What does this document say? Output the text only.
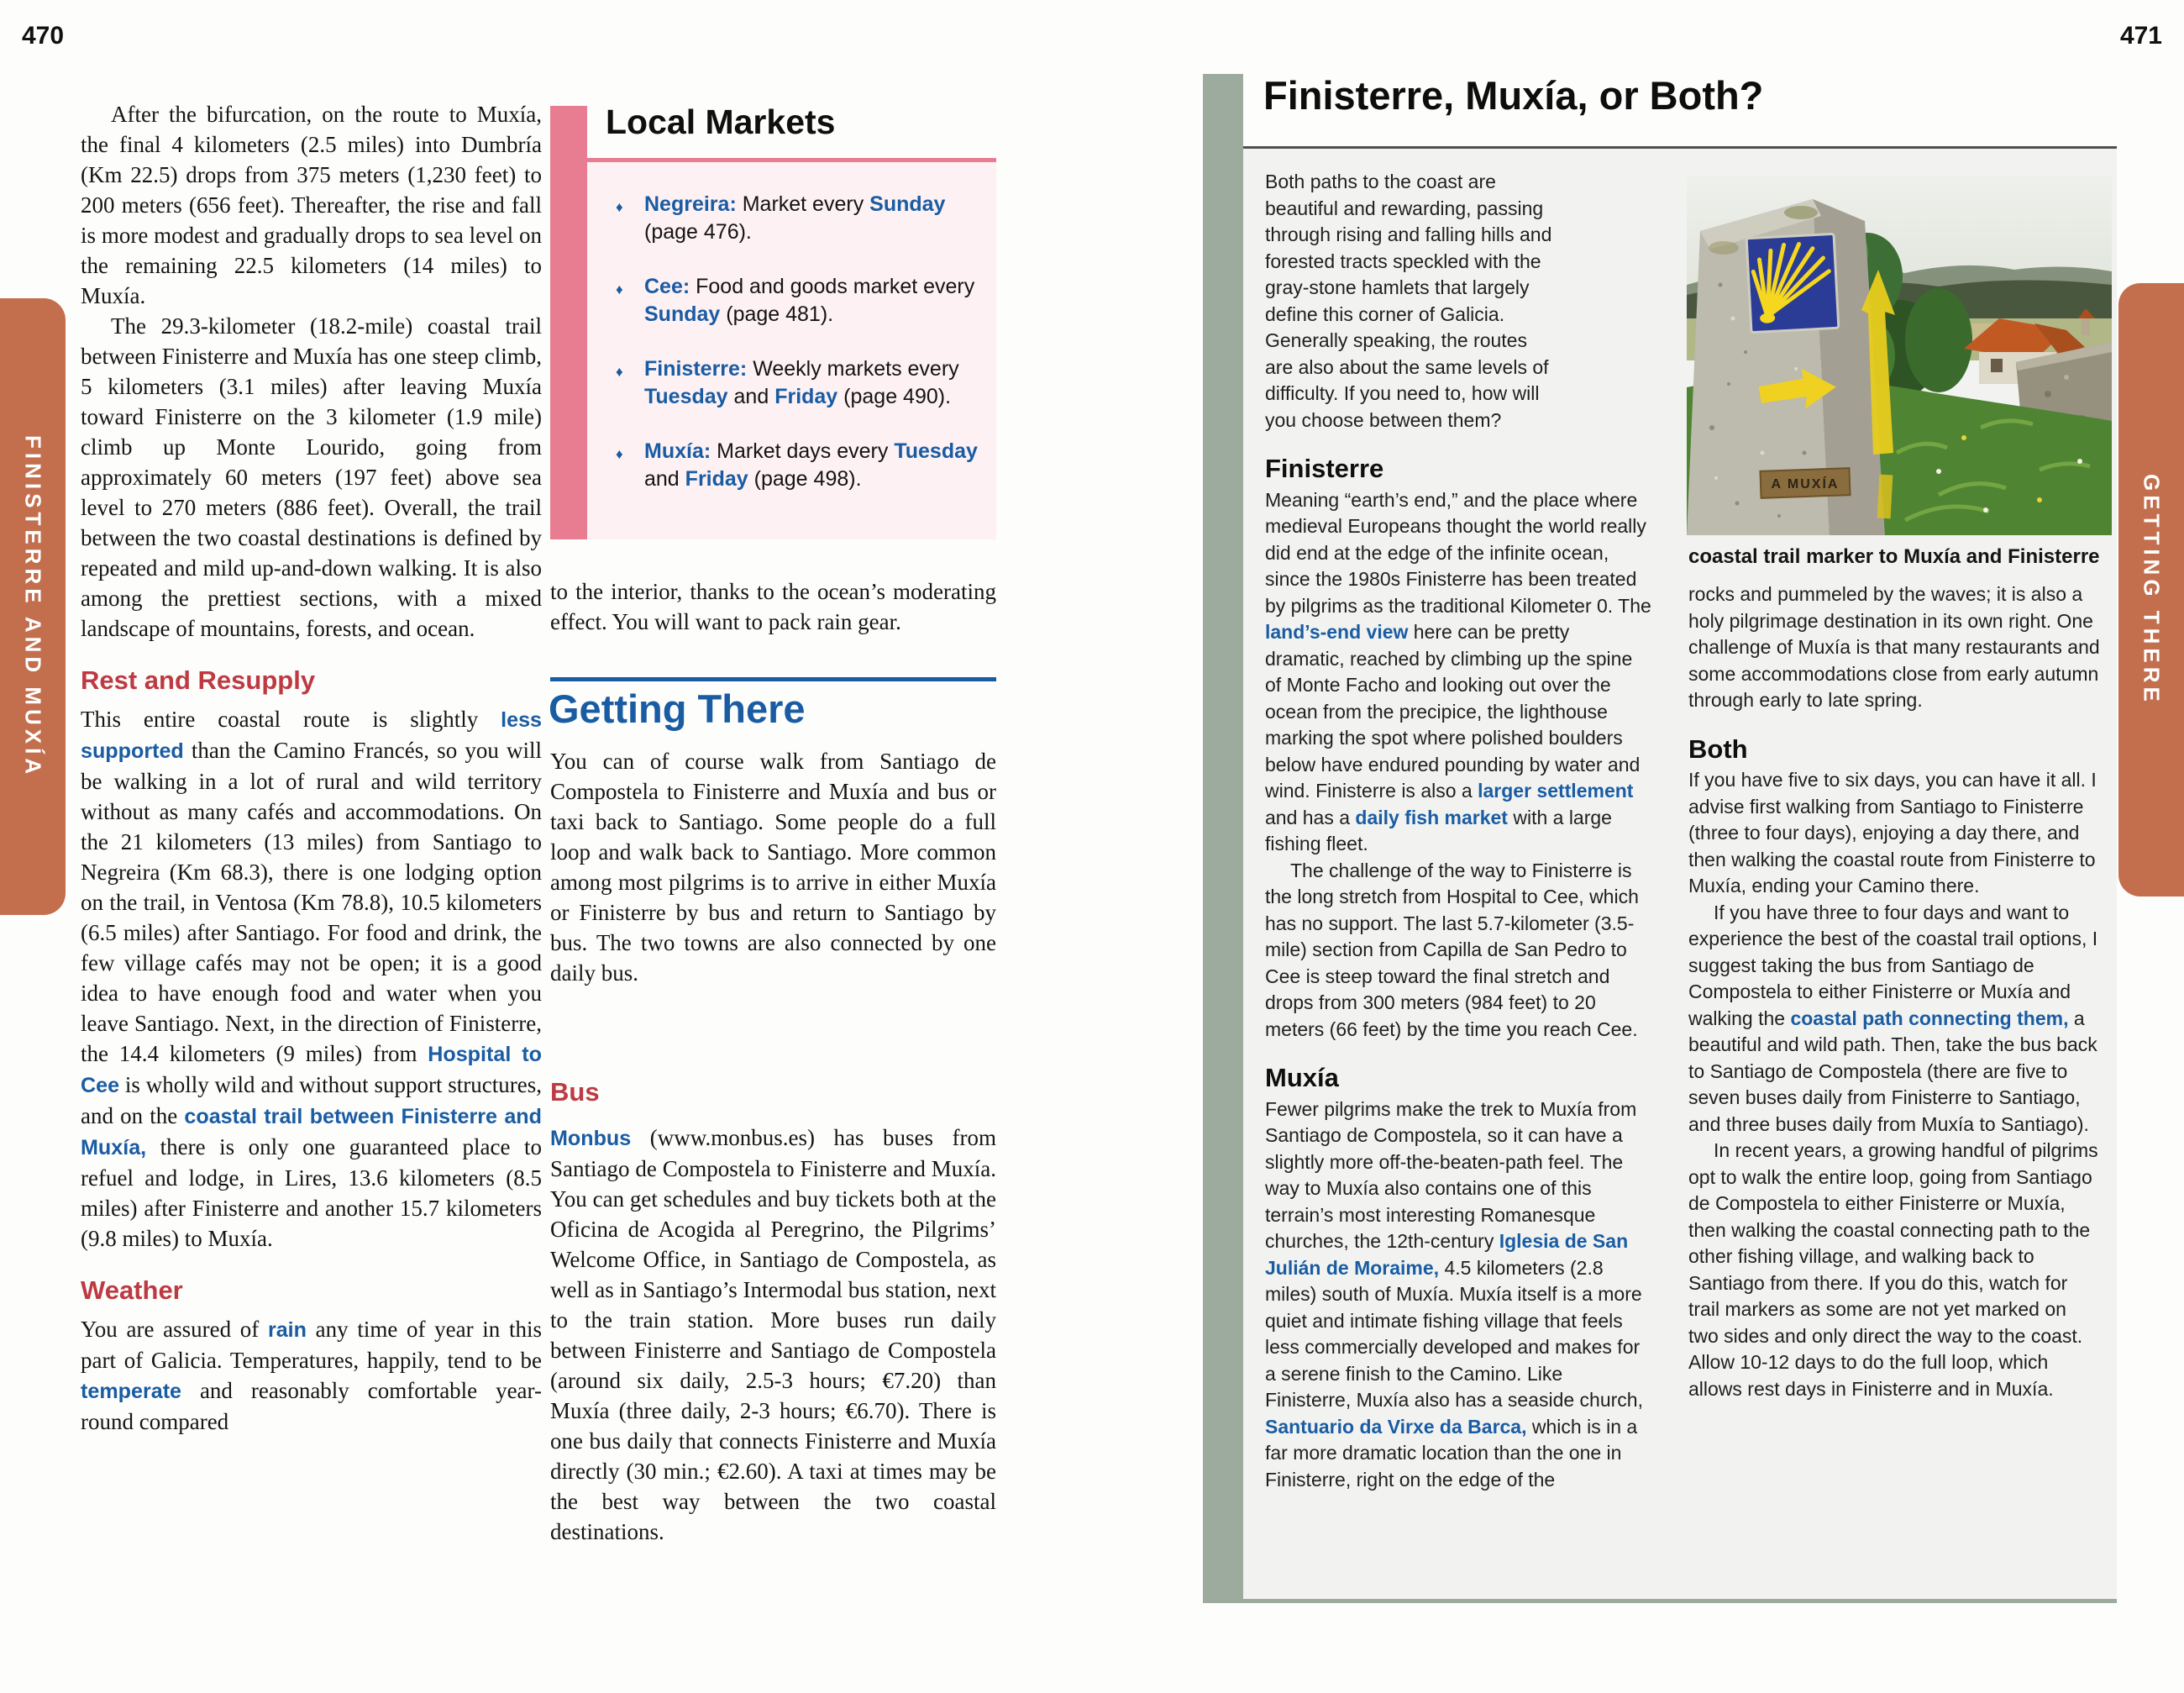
470	471
FINISTERRE AND MUXÍA	GETTING THERE

After the bifurcation, on the route to Muxía, the final 4 kilometers (2.5 miles) into Dumbría (Km 22.5) drops from 375 meters (1,230 feet) to 200 meters (656 feet). Thereafter, the rise and fall is more modest and gradually drops to sea level on the remaining 22.5 kilometers (14 miles) to Muxía.

The 29.3-kilometer (18.2-mile) coastal trail between Finisterre and Muxía has one steep climb, 5 kilometers (3.1 miles) after leaving Muxía toward Finisterre on the 3 kilometer (1.9 mile) climb up Monte Lourido, going from approximately 60 meters (197 feet) above sea level to 270 meters (886 feet). Overall, the trail between the two coastal destinations is defined by repeated and mild up-and-down walking. It is also among the prettiest sections, with a mixed landscape of mountains, forests, and ocean.

Rest and Resupply

This entire coastal route is slightly less supported than the Camino Francés, so you will be walking in a lot of rural and wild territory without as many cafés and accommodations. On the 21 kilometers (13 miles) from Santiago to Negreira (Km 68.3), there is one lodging option on the trail, in Ventosa (Km 78.8), 10.5 kilometers (6.5 miles) after Santiago. For food and drink, the few village cafés may not be open; it is a good idea to have enough food and water when you leave Santiago. Next, in the direction of Finisterre, the 14.4 kilometers (9 miles) from Hospital to Cee is wholly wild and without support structures, and on the coastal trail between Finisterre and Muxía, there is only one guaranteed place to refuel and lodge, in Lires, 13.6 kilometers (8.5 miles) after Finisterre and another 15.7 kilometers (9.8 miles) to Muxía.

Weather

You are assured of rain any time of year in this part of Galicia. Temperatures, happily, tend to be temperate and reasonably comfortable year-round compared

Local Markets
♦ Negreira: Market every Sunday (page 476).
♦ Cee: Food and goods market every Sunday (page 481).
♦ Finisterre: Weekly markets every Tuesday and Friday (page 490).
♦ Muxía: Market days every Tuesday and Friday (page 498).

to the interior, thanks to the ocean’s moderating effect. You will want to pack rain gear.

Getting There

You can of course walk from Santiago de Compostela to Finisterre and Muxía and bus or taxi back to Santiago. Some people do a full loop and walk back to Santiago. More common among most pilgrims is to arrive in either Muxía or Finisterre by bus and return to Santiago by bus. The two towns are also connected by one daily bus.

Bus

Monbus (www.monbus.es) has buses from Santiago de Compostela to Finisterre and Muxía. You can get schedules and buy tickets both at the Oficina de Acogida al Peregrino, the Pilgrims’ Welcome Office, in Santiago de Compostela, as well as in Santiago’s Intermodal bus station, next to the train station. More buses run daily between Finisterre and Santiago de Compostela (around six daily, 2.5-3 hours; €7.20) than Muxía (three daily, 2-3 hours; €6.70). There is one bus daily that connects Finisterre and Muxía directly (30 min.; €2.60). A taxi at times may be the best way between the two coastal destinations.

Finisterre, Muxía, or Both?

Both paths to the coast are beautiful and rewarding, passing through rising and falling hills and forested tracts speckled with the gray-stone hamlets that largely define this corner of Galicia. Generally speaking, the routes are also about the same levels of difficulty. If you need to, how will you choose between them?

Finisterre

Meaning “earth’s end,” and the place where medieval Europeans thought the world really did end at the edge of the infinite ocean, since the 1980s Finisterre has been treated by pilgrims as the traditional Kilometer 0. The land’s-end view here can be pretty dramatic, reached by climbing up the spine of Monte Facho and looking out over the ocean from the precipice, the lighthouse marking the spot where polished boulders below have endured pounding by water and wind. Finisterre is also a larger settlement and has a daily fish market with a large fishing fleet.

The challenge of the way to Finisterre is the long stretch from Hospital to Cee, which has no support. The last 5.7-kilometer (3.5-mile) section from Capilla de San Pedro to Cee is steep toward the final stretch and drops from 300 meters (984 feet) to 20 meters (66 feet) by the time you reach Cee.

Muxía

Fewer pilgrims make the trek to Muxía from Santiago de Compostela, so it can have a slightly more off-the-beaten-path feel. The way to Muxía also contains one of this terrain’s most interesting Romanesque churches, the 12th-century Iglesia de San Julián de Moraime, 4.5 kilometers (2.8 miles) south of Muxía. Muxía itself is a more quiet and intimate fishing village that feels less commercially developed and makes for a serene finish to the Camino. Like Finisterre, Muxía also has a seaside church, Santuario da Virxe da Barca, which is in a far more dramatic location than the one in Finisterre, right on the edge of the

A MUXÍA
coastal trail marker to Muxía and Finisterre

rocks and pummeled by the waves; it is also a holy pilgrimage destination in its own right. One challenge of Muxía is that many restaurants and some accommodations close from early autumn through early to late spring.

Both

If you have five to six days, you can have it all. I advise first walking from Santiago to Finisterre (three to four days), enjoying a day there, and then walking the coastal route from Finisterre to Muxía, ending your Camino there.

If you have three to four days and want to experience the best of the coastal trail options, I suggest taking the bus from Santiago de Compostela to either Finisterre or Muxía and walking the coastal path connecting them, a beautiful and wild path. Then, take the bus back to Santiago de Compostela (there are five to seven buses daily from Finisterre to Santiago, and three buses daily from Muxía to Santiago).

In recent years, a growing handful of pilgrims opt to walk the entire loop, going from Santiago de Compostela to either Finisterre or Muxía, then walking the coastal connecting path to the other fishing village, and walking back to Santiago from there. If you do this, watch for trail markers as some are not yet marked on two sides and only direct the way to the coast. Allow 10-12 days to do the full loop, which allows rest days in Finisterre and in Muxía.
